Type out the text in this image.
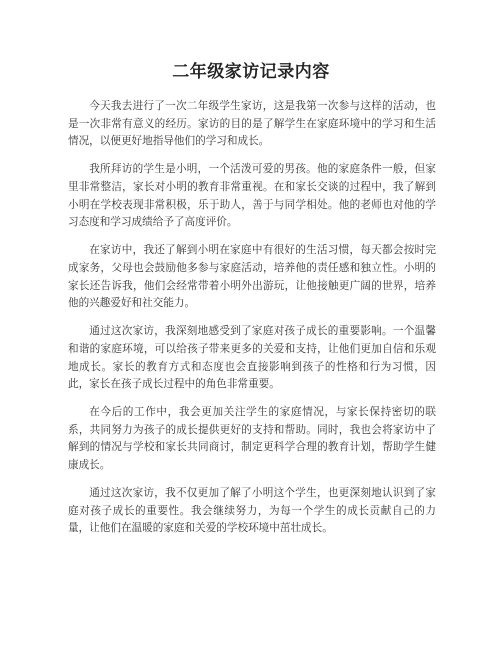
二年级家访记录内容

今天我去进行了一次二年级学生家访，这是我第一次参与这样的活动，也是一次非常有意义的经历。家访的目的是了解学生在家庭环境中的学习和生活情况，以便更好地指导他们的学习和成长。

我所拜访的学生是小明，一个活泼可爱的男孩。他的家庭条件一般，但家里非常整洁，家长对小明的教育非常重视。在和家长交谈的过程中，我了解到小明在学校表现非常积极，乐于助人，善于与同学相处。他的老师也对他的学习态度和学习成绩给予了高度评价。

在家访中，我还了解到小明在家庭中有很好的生活习惯，每天都会按时完成家务，父母也会鼓励他多参与家庭活动，培养他的责任感和独立性。小明的家长还告诉我，他们会经常带着小明外出游玩，让他接触更广阔的世界，培养他的兴趣爱好和社交能力。

通过这次家访，我深刻地感受到了家庭对孩子成长的重要影响。一个温馨和谐的家庭环境，可以给孩子带来更多的关爱和支持，让他们更加自信和乐观地成长。家长的教育方式和态度也会直接影响到孩子的性格和行为习惯，因此，家长在孩子成长过程中的角色非常重要。

在今后的工作中，我会更加关注学生的家庭情况，与家长保持密切的联系，共同努力为孩子的成长提供更好的支持和帮助。同时，我也会将家访中了解到的情况与学校和家长共同商讨，制定更科学合理的教育计划，帮助学生健康成长。

通过这次家访，我不仅更加了解了小明这个学生，也更深刻地认识到了家庭对孩子成长的重要性。我会继续努力，为每一个学生的成长贡献自己的力量，让他们在温暖的家庭和关爱的学校环境中茁壮成长。
